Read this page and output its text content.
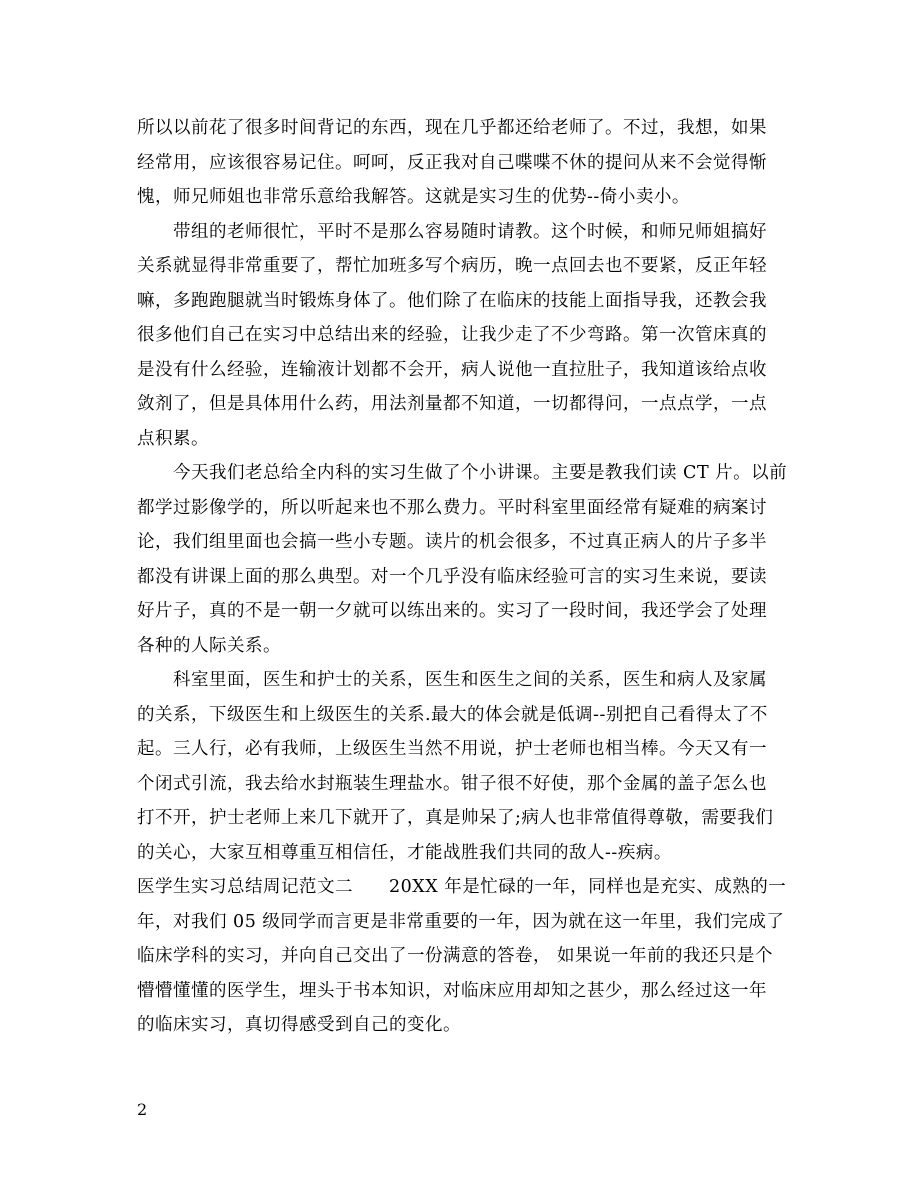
所以以前花了很多时间背记的东西，现在几乎都还给老师了。不过，我想，如果
经常用，应该很容易记住。呵呵，反正我对自己喋喋不休的提问从来不会觉得惭
愧，师兄师姐也非常乐意给我解答。这就是实习生的优势--倚小卖小。
带组的老师很忙，平时不是那么容易随时请教。这个时候，和师兄师姐搞好
关系就显得非常重要了，帮忙加班多写个病历，晚一点回去也不要紧，反正年轻
嘛，多跑跑腿就当时锻炼身体了。他们除了在临床的技能上面指导我，还教会我
很多他们自己在实习中总结出来的经验，让我少走了不少弯路。第一次管床真的
是没有什么经验，连输液计划都不会开，病人说他一直拉肚子，我知道该给点收
敛剂了，但是具体用什么药，用法剂量都不知道，一切都得问，一点点学，一点
点积累。
今天我们老总给全内科的实习生做了个小讲课。主要是教我们读 CT 片。以前
都学过影像学的，所以听起来也不那么费力。平时科室里面经常有疑难的病案讨
论，我们组里面也会搞一些小专题。读片的机会很多，不过真正病人的片子多半
都没有讲课上面的那么典型。对一个几乎没有临床经验可言的实习生来说，要读
好片子，真的不是一朝一夕就可以练出来的。实习了一段时间，我还学会了处理
各种的人际关系。
科室里面，医生和护士的关系，医生和医生之间的关系，医生和病人及家属
的关系，下级医生和上级医生的关系.最大的体会就是低调--别把自己看得太了不
起。三人行，必有我师，上级医生当然不用说，护士老师也相当棒。今天又有一
个闭式引流，我去给水封瓶装生理盐水。钳子很不好使，那个金属的盖子怎么也
打不开，护士老师上来几下就开了，真是帅呆了;病人也非常值得尊敬，需要我们
的关心，大家互相尊重互相信任，才能战胜我们共同的敌人--疾病。
医学生实习总结周记范文二　　20XX 年是忙碌的一年，同样也是充实、成熟的一
年，对我们 05 级同学而言更是非常重要的一年，因为就在这一年里，我们完成了
临床学科的实习，并向自己交出了一份满意的答卷， 如果说一年前的我还只是个
懵懵懂懂的医学生，埋头于书本知识，对临床应用却知之甚少，那么经过这一年
的临床实习，真切得感受到自己的变化。
2
